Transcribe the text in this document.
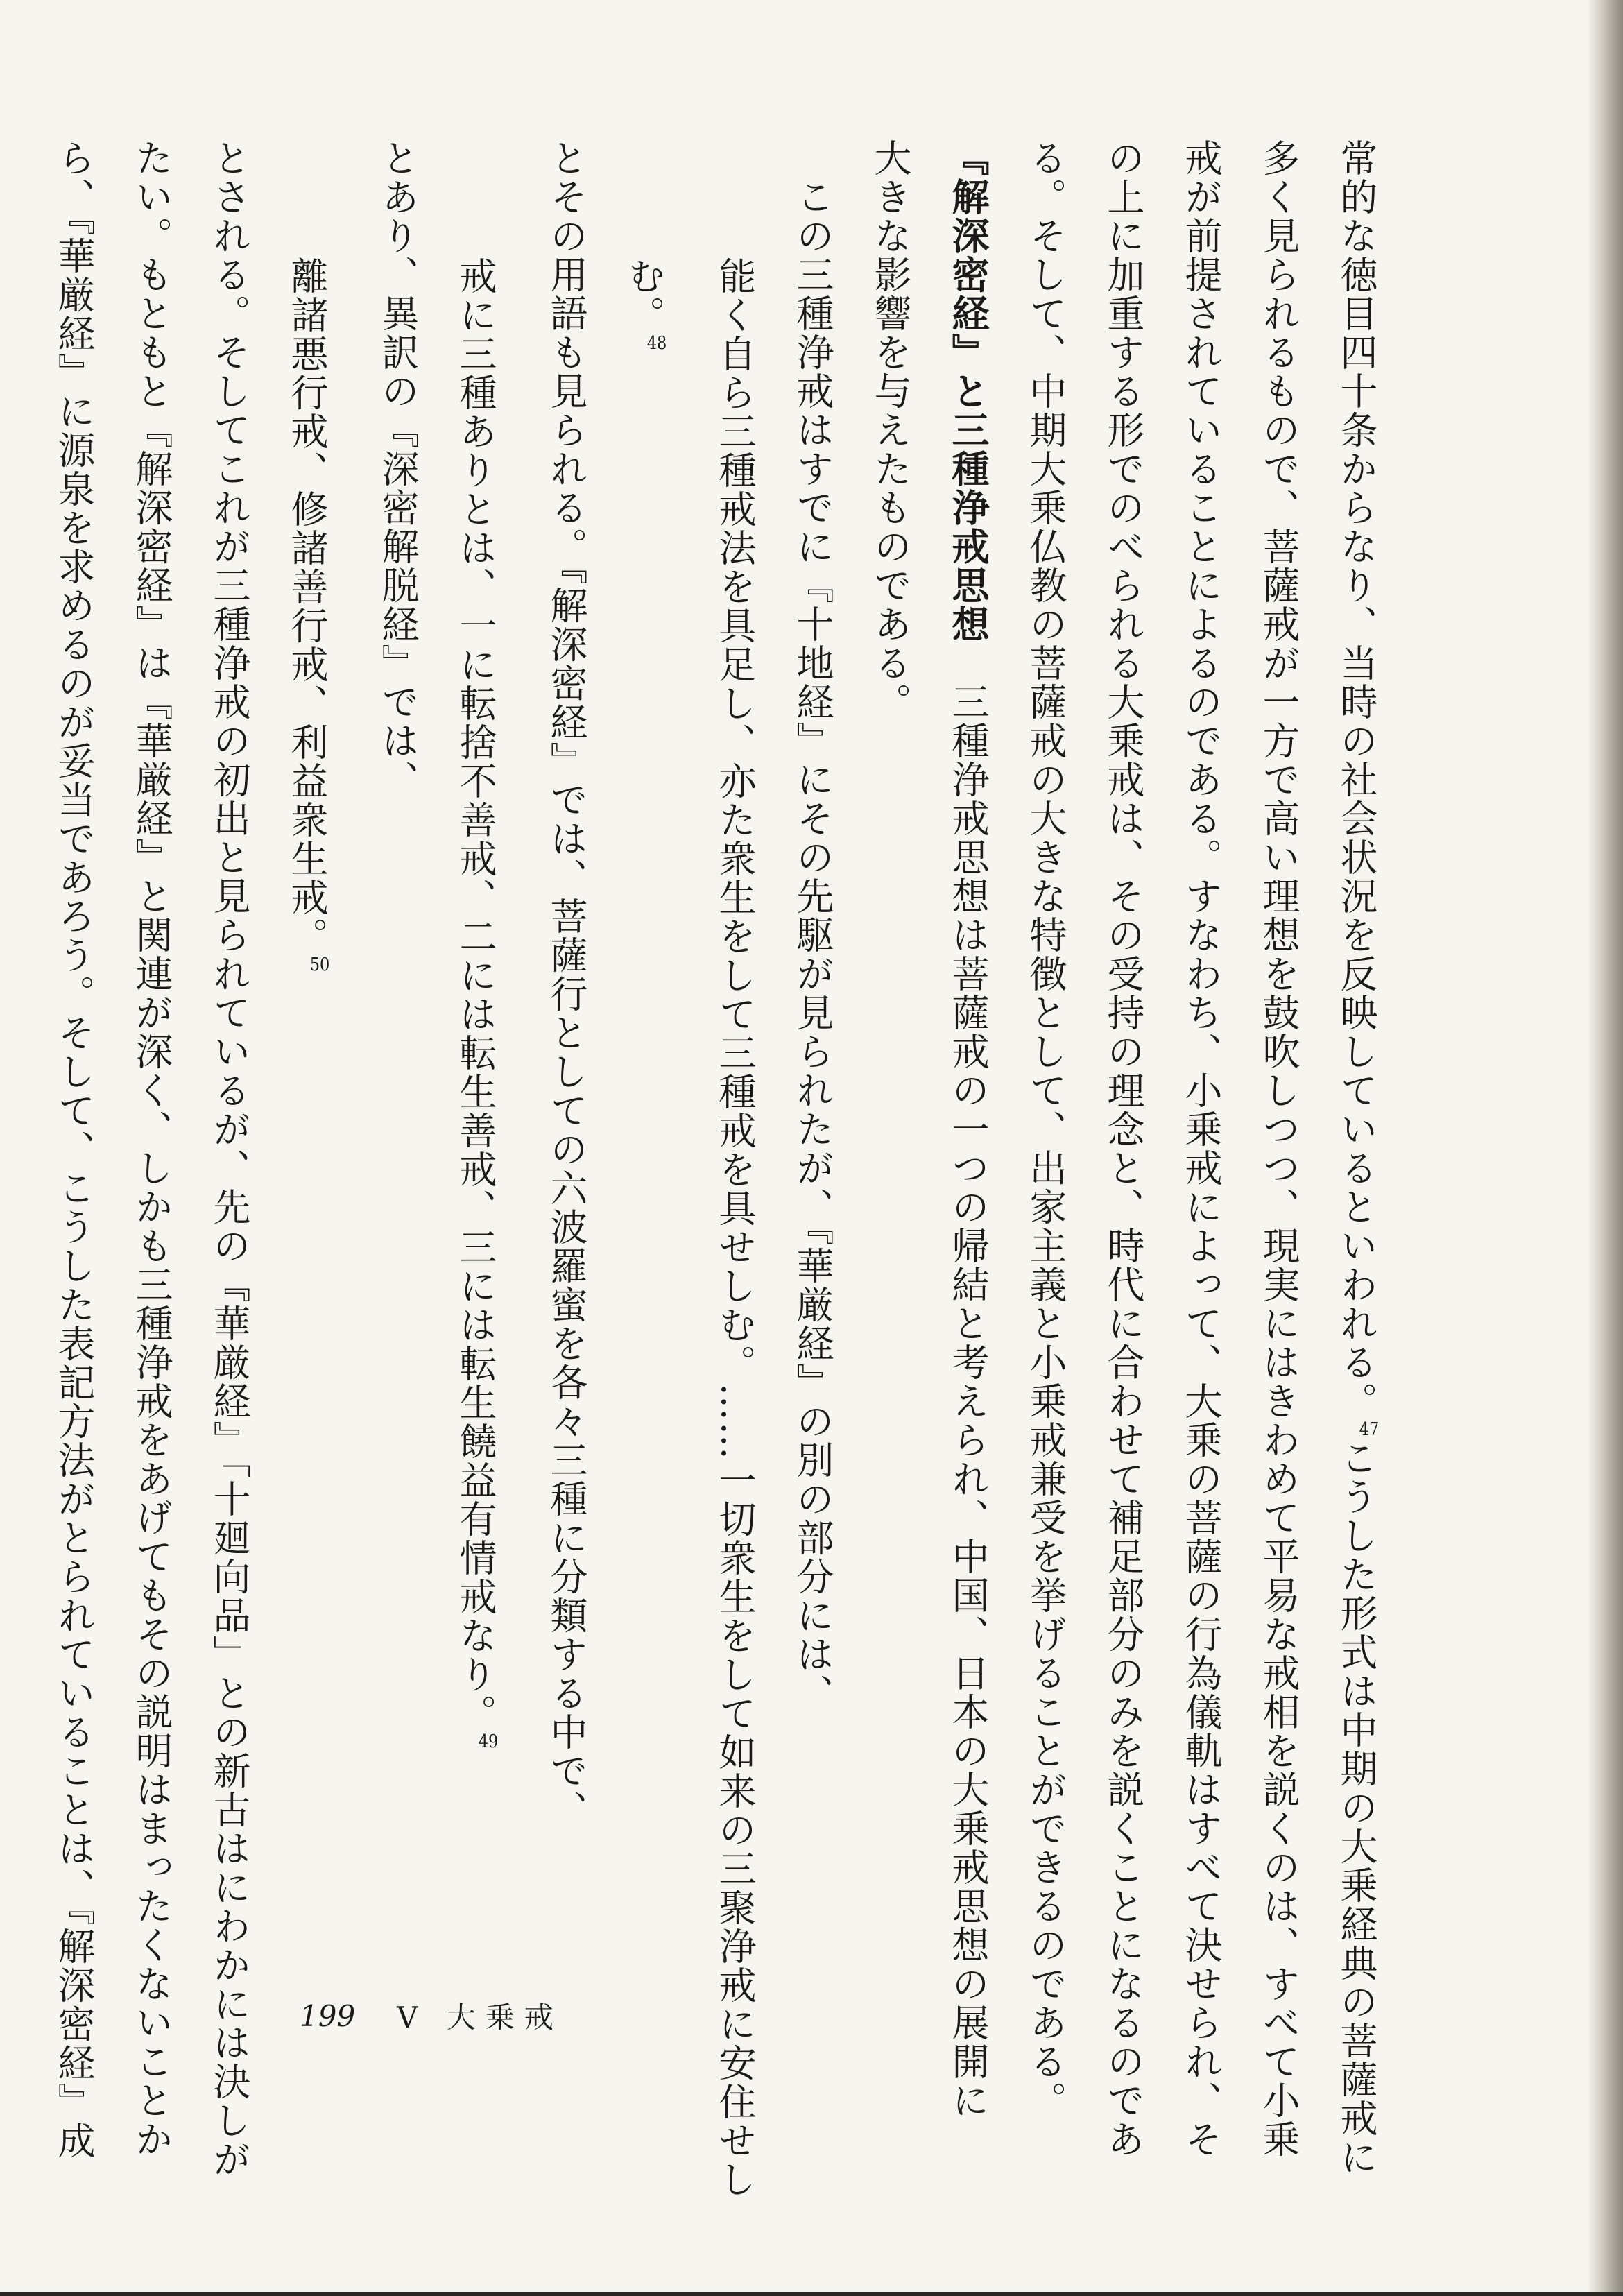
常的な徳目四十条からなり、当時の社会状況を反映しているといわれる。$^{47}$こうした形式は中期の大乗経典の菩薩戒に
多く見られるもので、菩薩戒が一方で高い理想を鼓吹しつつ、現実にはきわめて平易な戒相を説くのは、すべて小乗
戒が前提されていることによるのである。すなわち、小乗戒によって、大乗の菩薩の行為儀軌はすべて決せられ、そ
の上に加重する形でのべられる大乗戒は、その受持の理念と、時代に合わせて補足部分のみを説くことになるのであ
る。そして、中期大乗仏教の菩薩戒の大きな特徴として、出家主義と小乗戒兼受を挙げることができるのである。
『解深密経』と三種浄戒思想　三種浄戒思想は菩薩戒の一つの帰結と考えられ、中国、日本の大乗戒思想の展開に
大きな影響を与えたものである。
この三種浄戒はすでに『十地経』にその先駆が見られたが、『華厳経』の別の部分には、
能く自ら三種戒法を具足し、亦た衆生をして三種戒を具せしむ。……一切衆生をして如来の三聚浄戒に安住せし
む。$^{48}$
とその用語も見られる。『解深密経』では、菩薩行としての六波羅蜜を各々三種に分類する中で、
戒に三種ありとは、一に転捨不善戒、二には転生善戒、三には転生饒益有情戒なり。$^{49}$
とあり、異訳の『深密解脱経』では、
離諸悪行戒、修諸善行戒、利益衆生戒。$^{50}$
とされる。そしてこれが三種浄戒の初出と見られているが、先の『華厳経』「十廻向品」との新古はにわかには決しが
たい。もともと『解深密経』は『華厳経』と関連が深く、しかも三種浄戒をあげてもその説明はまったくないことか
ら、『華厳経』に源泉を求めるのが妥当であろう。そして、こうした表記方法がとられていることは、『解深密経』成	199 Ⅴ 大乗戒
